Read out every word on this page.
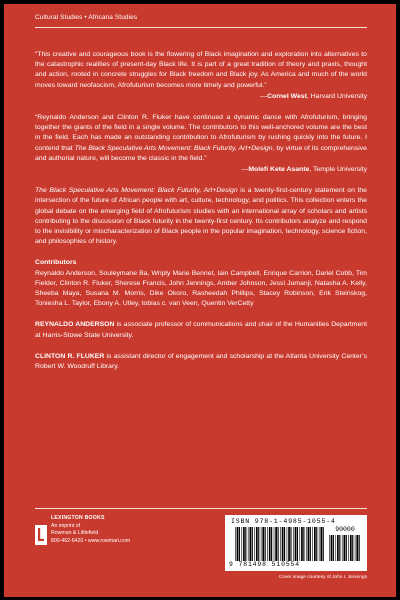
Cultural Studies • Africana Studies

“This creative and courageous book is the flowering of Black imagination and exploration into alternatives to the catastrophic realities of present-day Black life. It is part of a great tradition of theory and praxis, thought and action, rooted in concrete struggles for Black freedom and Black joy. As America and much of the world moves toward neofascism, Afrofuturism becomes more timely and powerful.”

—Cornel West, Harvard University

“Reynaldo Anderson and Clinton R. Fluker have continued a dynamic dance with Afrofuturism, bringing together the giants of the field in a single volume. The contributors to this well-anchored volume are the best in the field. Each has made an outstanding contribution to Afrofuturism by rushing quickly into the future. I contend that The Black Speculative Arts Movement: Black Futurity, Art+Design, by virtue of its comprehensive and authorial nature, will become the classic in the field.”

—Molefi Kete Asante, Temple University

The Black Speculative Arts Movement: Black Futurity, Art+Design is a twenty-first-century statement on the intersection of the future of African people with art, culture, technology, and politics. This collection enters the global debate on the emerging field of Afrofuturism studies with an international array of scholars and artists contributing to the discussion of Black futurity in the twenty-first century. Its contributors analyze and respond to the invisibility or mischaracterization of Black people in the popular imagination, technology, science fiction, and philosophies of history.

Contributors

Reynaldo Anderson, Souleymane Ba, Wriply Marie Bennet, Iain Campbell, Enrique Carrion, Dariel Cobb, Tim Fielder, Clinton R. Fluker, Sherese Francis, John Jennings, Amber Johnson, Jessi Jumanji, Natasha A. Kelly, Sheeba Maya, Susana M. Morris, Dike Okoro, Rasheedah Phillips, Stacey Robinson, Erik Steinskog, Toniesha L. Taylor, Ebony A. Utley, tobias c. van Veen, Quentin VerCetty

REYNALDO ANDERSON is associate professor of communications and chair of the Humanities Department at Harris-Stowe State University.

CLINTON R. FLUKER is assistant director of engagement and scholarship at the Atlanta University Center’s Robert W. Woodruff Library.

LEXINGTON BOOKS
An imprint of
Rowman & Littlefield
800-462-6420 • www.rowman.com
ISBN 978-1-4985-1055-4
90000
9 781498 510554
Cover image courtesy of John I. Jennings
